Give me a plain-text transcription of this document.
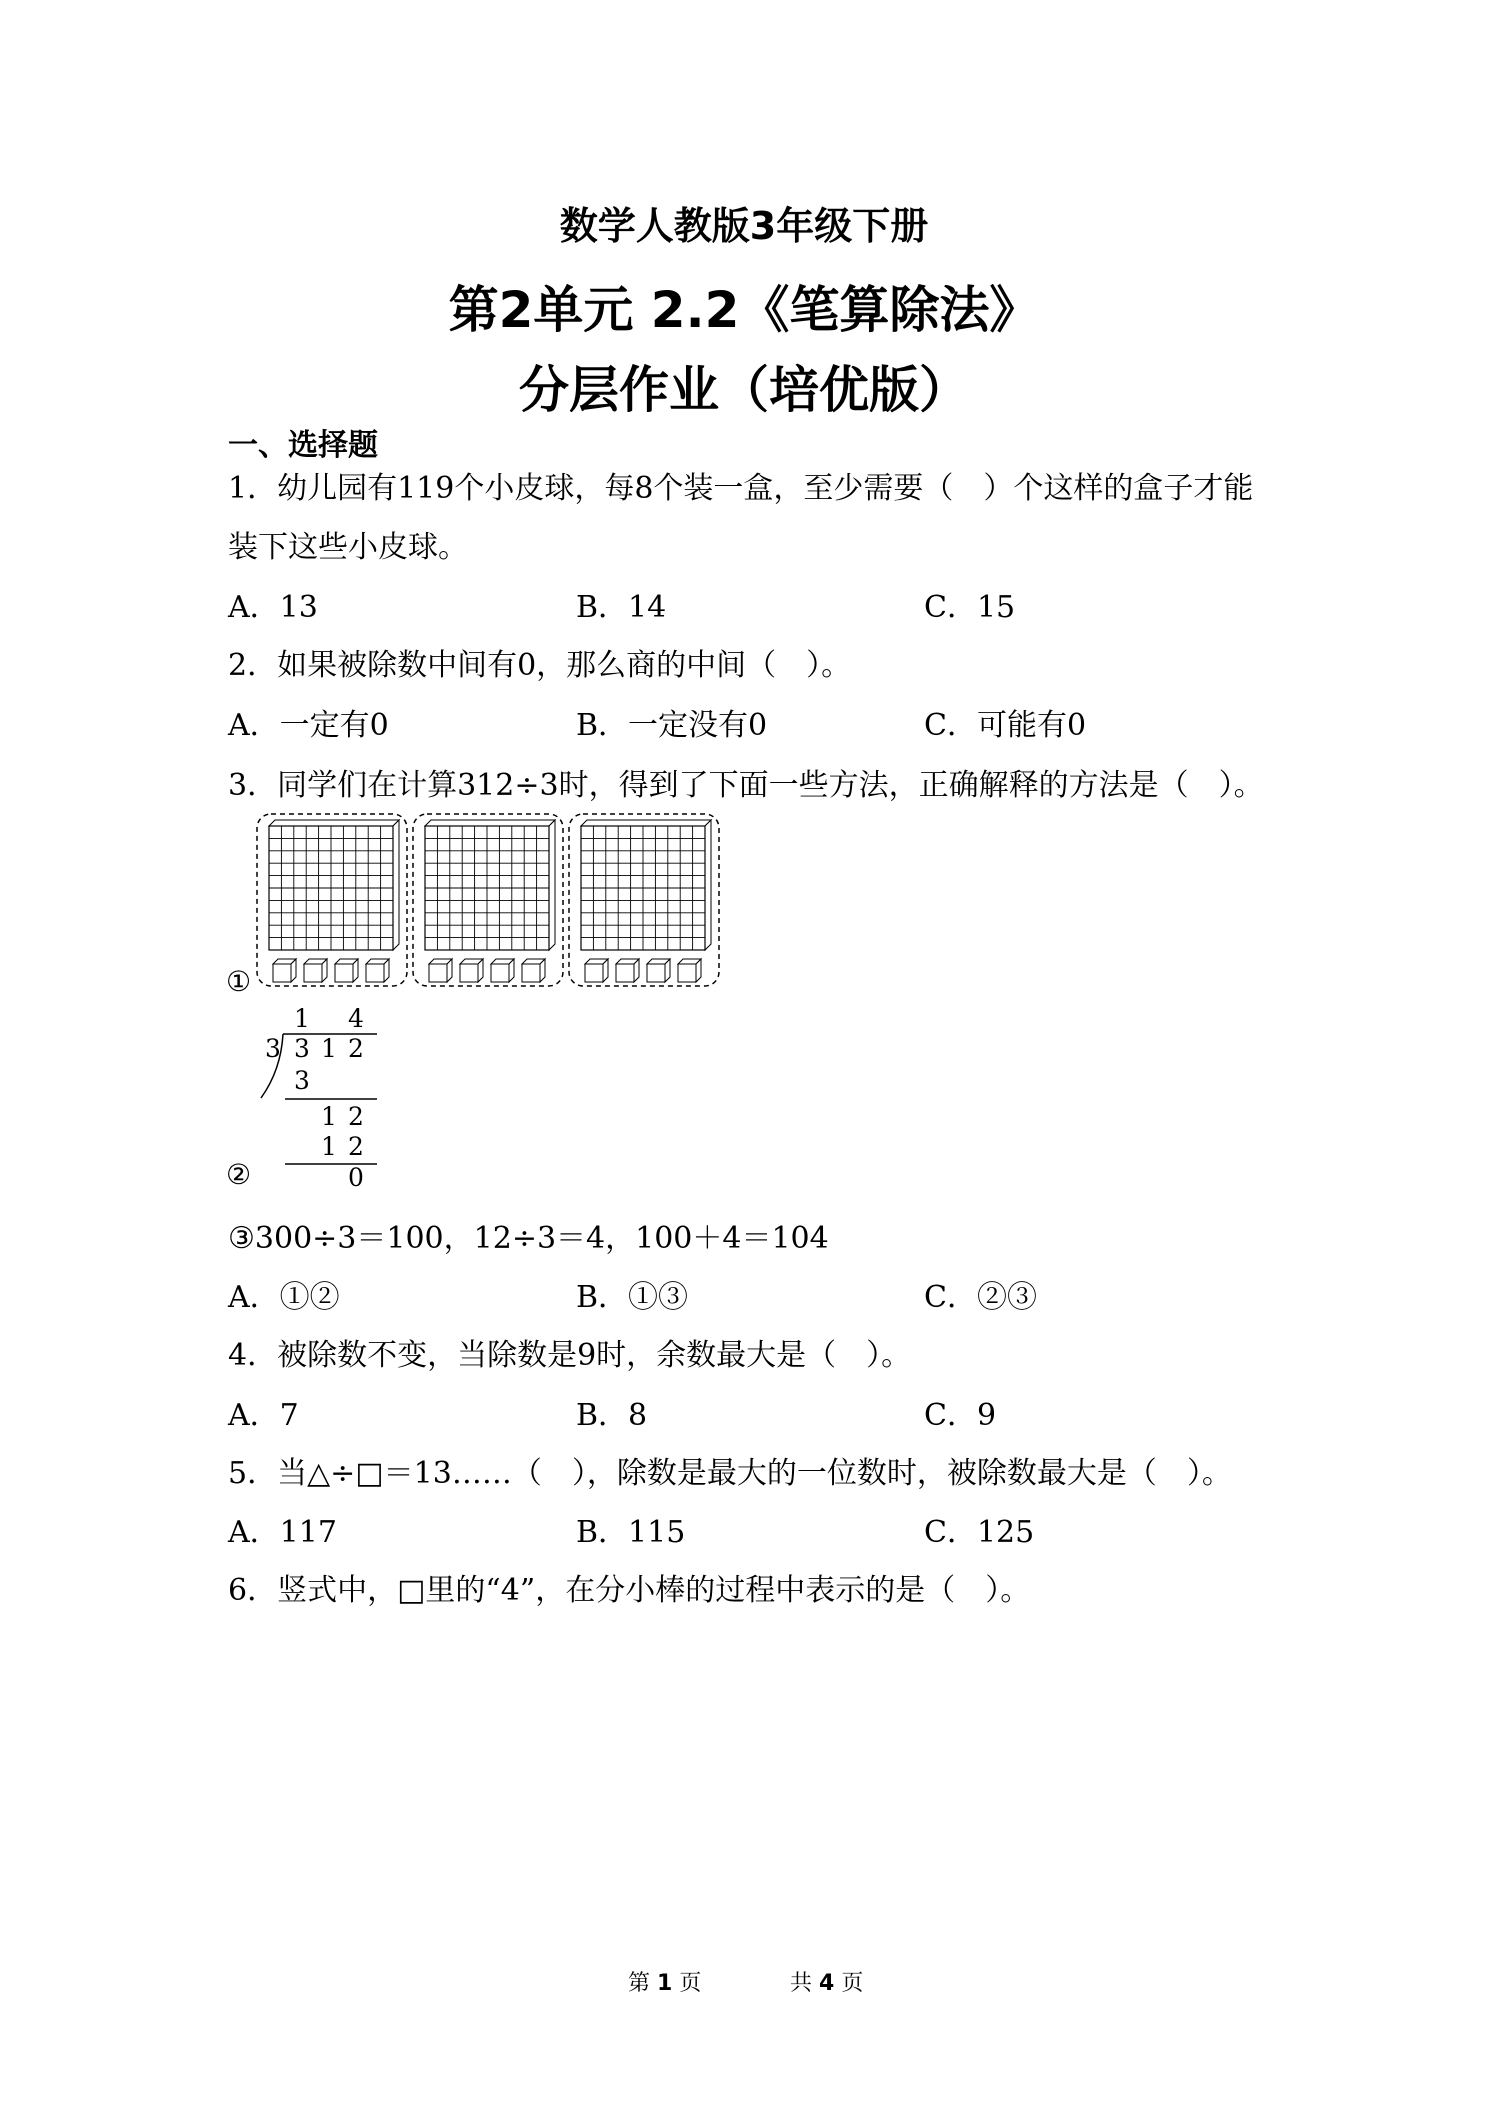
数学人教版3年级下册
第2单元 2.2《笔算除法》
分层作业（培优版）
一、选择题
1．幼儿园有119个小皮球，每8个装一盒，至少需要（　）个这样的盒子才能
装下这些小皮球。
A．13	B．14	C．15
2．如果被除数中间有0，那么商的中间（　）。
A．一定有0	B．一定没有0	C．可能有0
3．同学们在计算312÷3时，得到了下面一些方法，正确解释的方法是（　）。
①
1 4
3 3 1 2
3
1 2
1 2
0
②
③300÷3＝100，12÷3＝4，100＋4＝104
A．①②	B．①③	C．②③
4．被除数不变，当除数是9时，余数最大是（　）。
A．7	B．8	C．9
5．当△÷□＝13……（　），除数是最大的一位数时，被除数最大是（　）。
A．117	B．115	C．125
6．竖式中，□里的“4”，在分小棒的过程中表示的是（　）。
第 1 页	共 4 页
